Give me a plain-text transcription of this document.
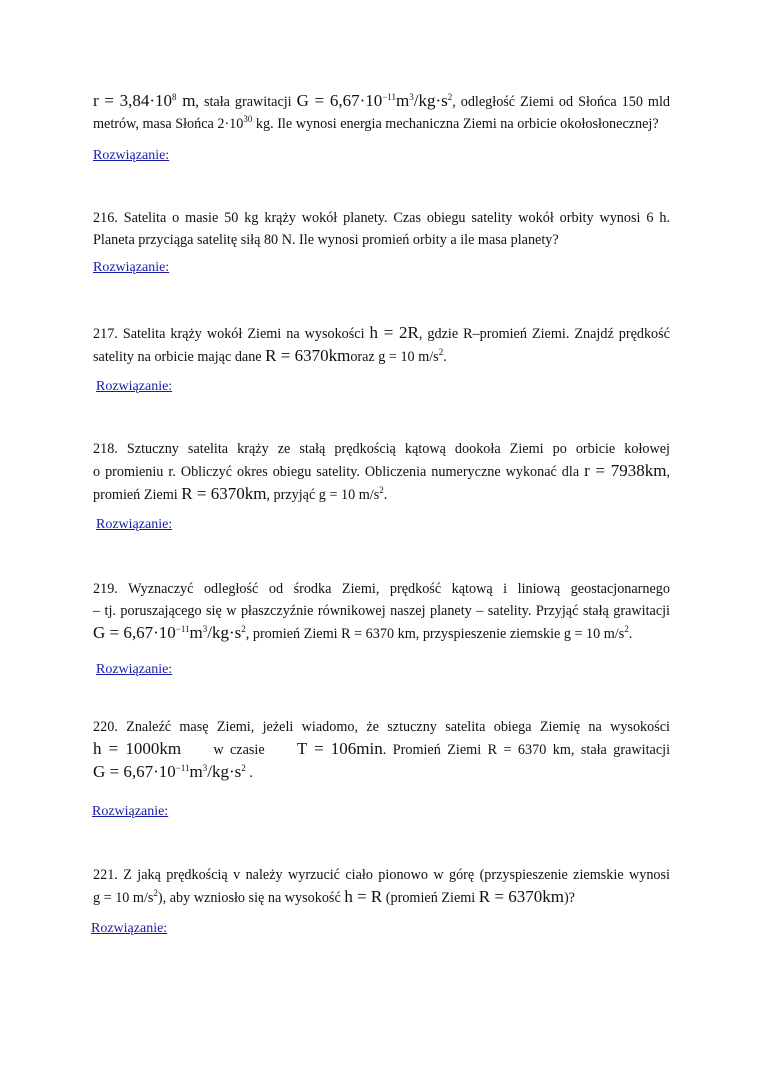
$r = 3,84\cdot 10^8$ m, stała grawitacji $G = 6,67\cdot 10^{-11}m^3/kg\cdot s^2$, odległość Ziemi od Słońca 150 mld
metrów, masa Słońca $2\cdot 10^{30}$ kg. Ile wynosi energia mechaniczna Ziemi na orbicie okołosłonecznej?
Rozwiązanie:
216. Satelita o masie 50 kg krąży wokół planety. Czas obiegu satelity wokół orbity wynosi 6 h.
Planeta przyciąga satelitę siłą 80 N. Ile wynosi promień orbity a ile masa planety?
Rozwiązanie:
217. Satelita krąży wokół Ziemi na wysokości h = 2R, gdzie R–promień Ziemi. Znajdź prędkość
satelity na orbicie mając dane R = 6370kmoraz g = 10 $m/s^2$.
Rozwiązanie:
218. Sztuczny satelita krąży ze stałą prędkością kątową dookoła Ziemi po orbicie kołowej
o promieniu r. Obliczyć okres obiegu satelity. Obliczenia numeryczne wykonać dla r = 7938km,
promień Ziemi R = 6370km, przyjąć g = 10 $m/s^2$.
Rozwiązanie:
219. Wyznaczyć odległość od środka Ziemi, prędkość kątową i liniową geostacjonarnego
– tj. poruszającego się w płaszczyźnie równikowej naszej planety – satelity. Przyjąć stałą grawitacji
$G = 6,67\cdot 10^{-11}m^3/kg\cdot s^2$, promień Ziemi R = 6370 km, przyspieszenie ziemskie g = 10 $m/s^2$.
Rozwiązanie:
220. Znaleźć masę Ziemi, jeżeli wiadomo, że sztuczny satelita obiega Ziemię na wysokości
h = 1000km w czasie T = 106min. Promień Ziemi R = 6370 km, stała grawitacji
$G = 6,67\cdot 10^{-11}m^3/kg\cdot s^2$ .
Rozwiązanie:
221. Z jaką prędkością v należy wyrzucić ciało pionowo w górę (przyspieszenie ziemskie wynosi
g = 10 $m/s^2$), aby wzniosło się na wysokość h = R (promień Ziemi R = 6370km)?
Rozwiązanie:
